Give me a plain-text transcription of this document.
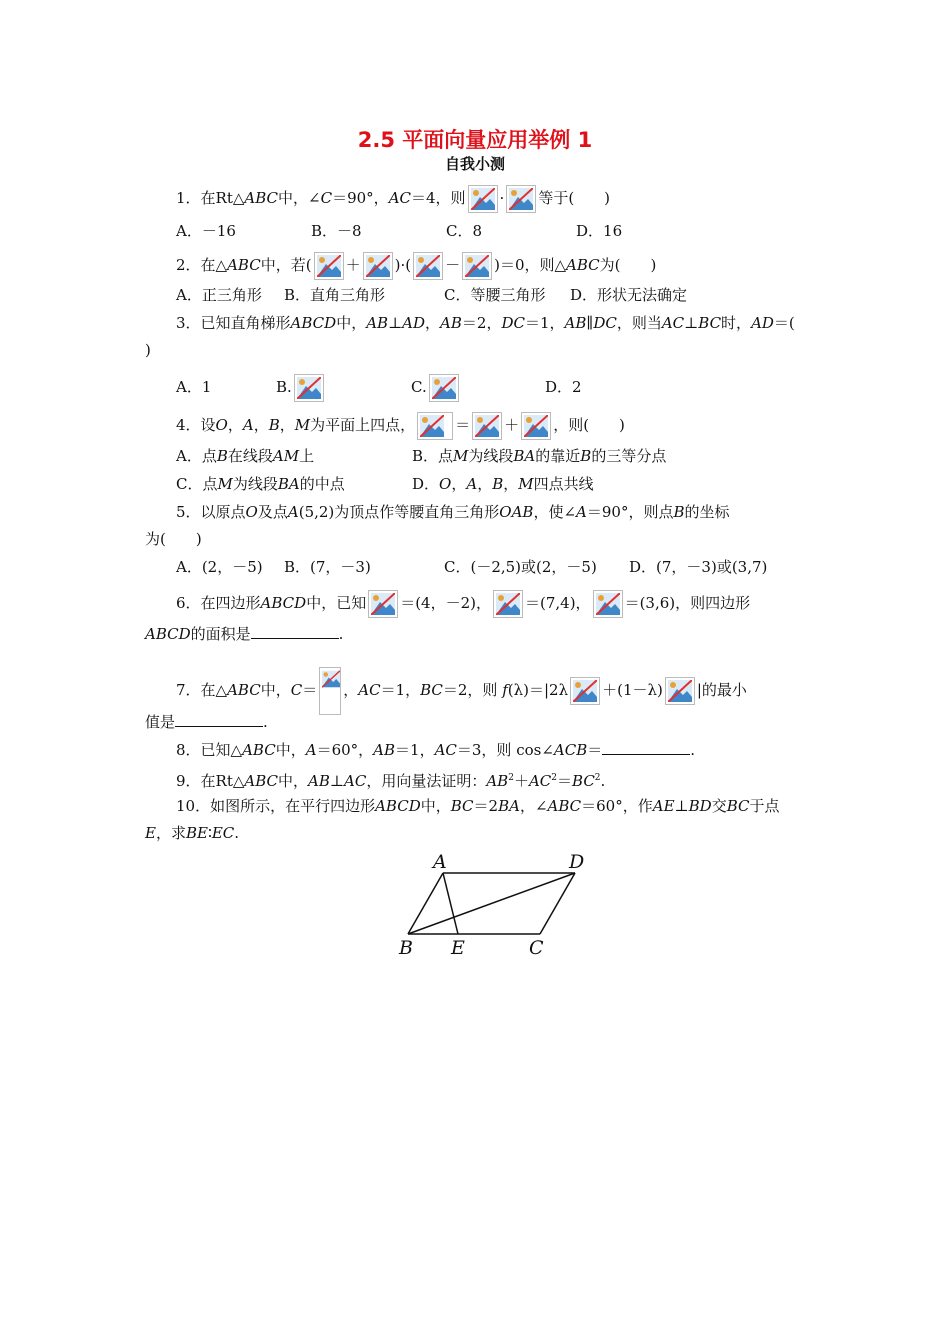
2.5 平面向量应用举例 1
自我小测
1．在Rt△ABC中，∠C＝90°，AC＝4，则 · 等于(　　)
A．－16	B．－8	C．8	D．16
2．在△ABC中，若( ＋ )·( － )＝0，则△ABC为(　　)
A．正三角形 B．直角三角形	C．等腰三角形 D．形状无法确定
3．已知直角梯形ABCD中，AB⊥AD，AB＝2，DC＝1，AB∥DC，则当AC⊥BC时，AD＝(
)
A．1	B.	C.	D．2
4．设O，A，B，M为平面上四点，	＝ ＋ ，则(　　)
A．点B在线段AM上	B．点M为线段BA的靠近B的三等分点
C．点M为线段BA的中点	D．O，A，B，M四点共线
5．以原点O及点A(5,2)为顶点作等腰直角三角形OAB，使∠A＝90°，则点B的坐标
为(　　)
A．(2，－5) B．(7，－3)	C．(－2,5)或(2，－5) D．(7，－3)或(3,7)
6．在四边形ABCD中，已知 ＝(4，－2)， ＝(7,4)， ＝(3,6)，则四边形
ABCD的面积是	.
7．在△ABC中，C＝ ，AC＝1，BC＝2，则 f(λ)＝|2λ ＋(1－λ) |的最小
值是	.
8．已知△ABC中，A＝60°，AB＝1，AC＝3，则 cos∠ACB＝	.
9．在Rt△ABC中，AB⊥AC，用向量法证明：$AB^2+AC^2=BC^2$.
10．如图所示，在平行四边形ABCD中，BC＝2BA，∠ABC＝60°，作AE⊥BD交BC于点
E，求BE∶EC.
A	D
B E	C
